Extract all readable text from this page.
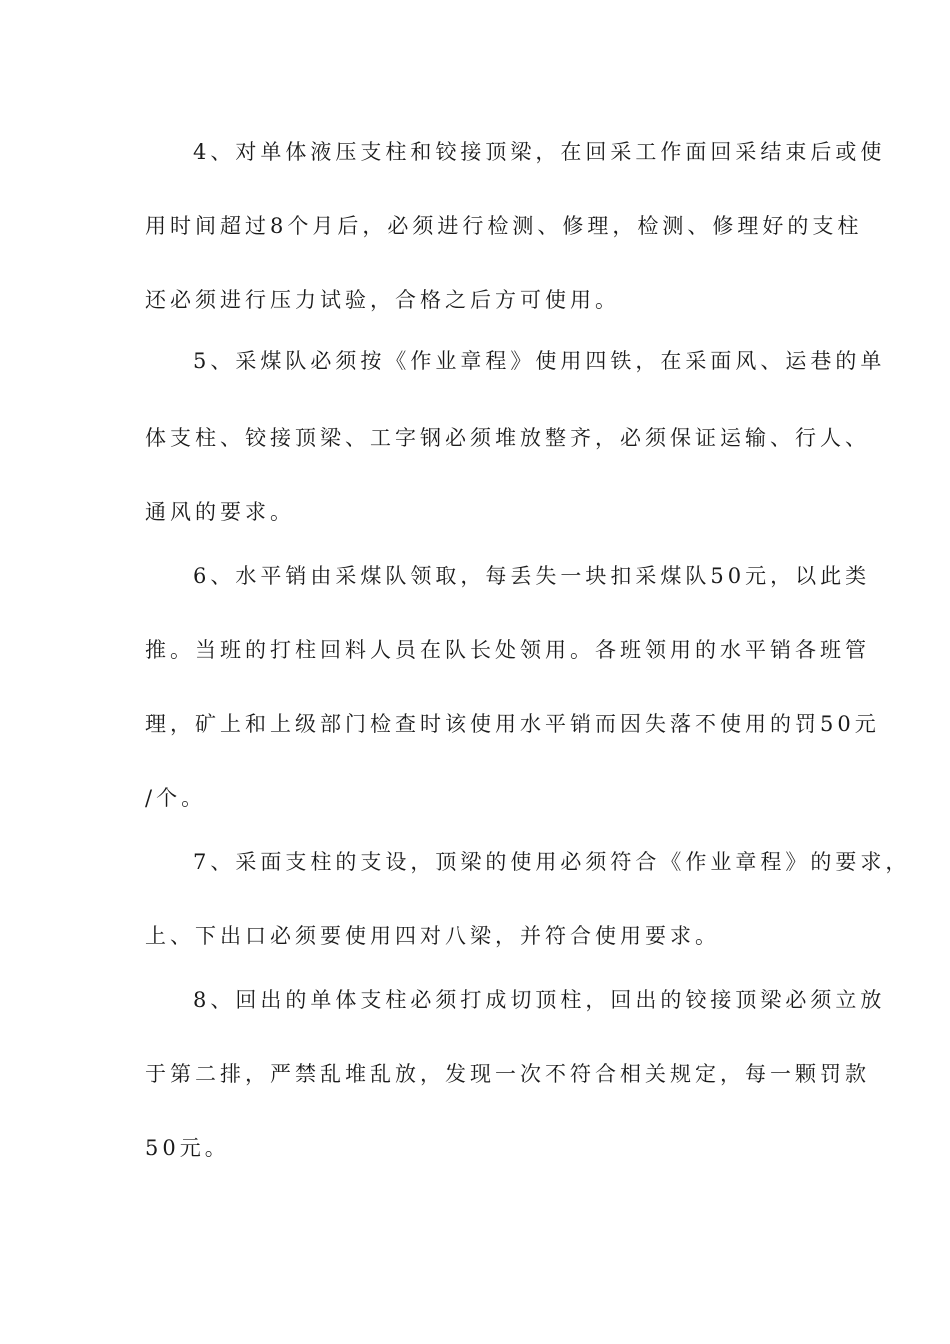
4、对单体液压支柱和铰接顶梁，在回采工作面回采结束后或使
用时间超过8个月后，必须进行检测、修理，检测、修理好的支柱
还必须进行压力试验，合格之后方可使用。
5、采煤队必须按《作业章程》使用四铁，在采面风、运巷的单
体支柱、铰接顶梁、工字钢必须堆放整齐，必须保证运输、行人、
通风的要求。
6、水平销由采煤队领取，每丢失一块扣采煤队50元，以此类
推。当班的打柱回料人员在队长处领用。各班领用的水平销各班管
理，矿上和上级部门检查时该使用水平销而因失落不使用的罚50元
/个。
7、采面支柱的支设，顶梁的使用必须符合《作业章程》的要求，
上、下出口必须要使用四对八梁，并符合使用要求。
8、回出的单体支柱必须打成切顶柱，回出的铰接顶梁必须立放
于第二排，严禁乱堆乱放，发现一次不符合相关规定，每一颗罚款
50元。
